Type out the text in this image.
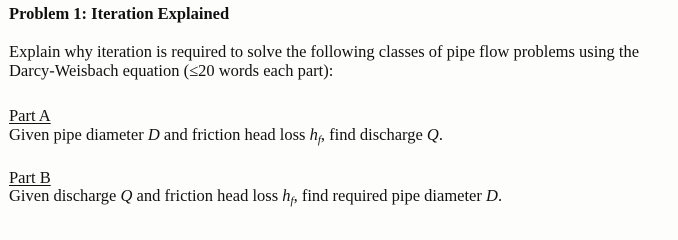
Problem 1: Iteration Explained
Explain why iteration is required to solve the following classes of pipe flow problems using the
Darcy-Weisbach equation (≤20 words each part):
Part A
Given pipe diameter D and friction head loss $h_f$, find discharge Q.
Part B
Given discharge Q and friction head loss $h_f$, find required pipe diameter D.
